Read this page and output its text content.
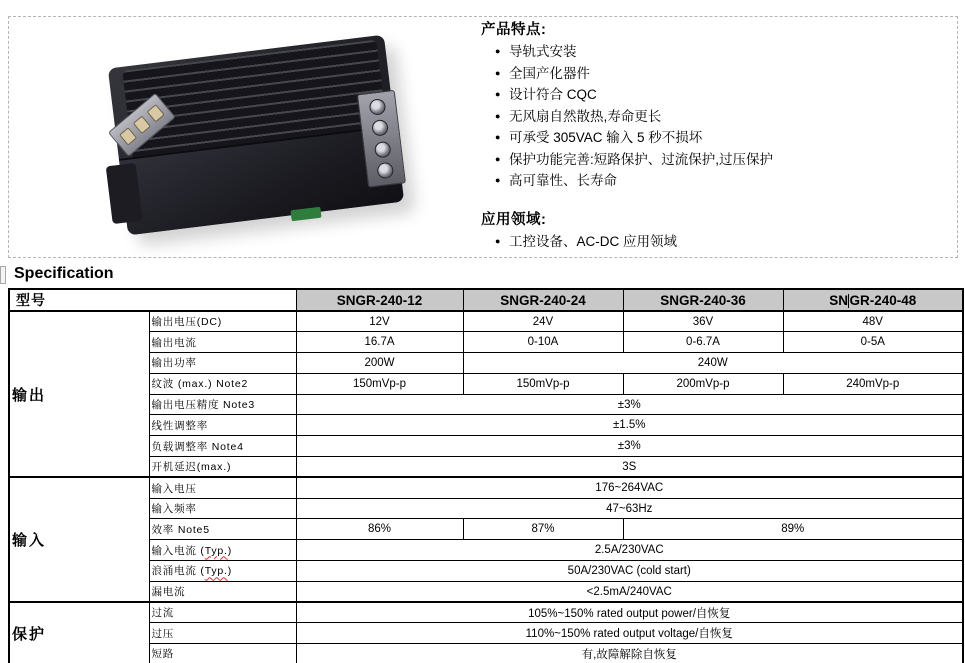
产品特点:
● 导轨式安装
● 全国产化器件
● 设计符合 CQC
● 无风扇自然散热,寿命更长
● 可承受 305VAC 输入 5 秒不损坏
● 保护功能完善:短路保护、过流保护,过压保护
● 高可靠性、长寿命
应用领域:
● 工控设备、AC-DC 应用领域
Specification
型号		SNGR-240-12	SNGR-240-24	SNGR-240-36	SN GR-240-48
输出	输出电压(DC)	12V	24V	36V	48V
	输出电流	16.7A	0-10A	0-6.7A	0-5A
	输出功率	200W	240W		
	纹波 (max.) Note2	150mVp-p	150mVp-p	200mVp-p	240mVp-p
	输出电压精度 Note3	±3%			
	线性调整率	±1.5%			
	负载调整率 Note4	±3%			
	开机延迟(max.)	3S			
输入	输入电压	176~264VAC			
	输入频率	47~63Hz			
	效率 Note5	86%	87%	89%	
	输入电流 (Typ.)	2.5A/230VAC			
	浪涌电流 (Typ.)	50A/230VAC (cold start)			
	漏电流	<2.5mA/240VAC			
保护	过流	105%~150% rated output power/自恢复			
	过压	110%~150% rated output voltage/自恢复			
	短路	有,故障解除自恢复			
